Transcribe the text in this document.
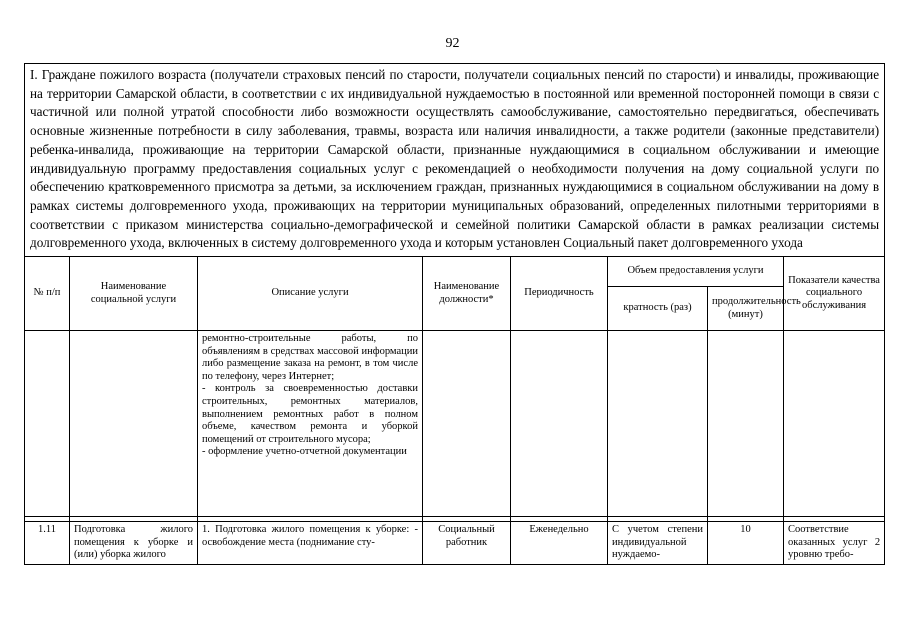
92
I. Граждане пожилого возраста (получатели страховых пенсий по старости, получатели социальных пенсий по старости) и инвалиды, проживающие на территории Самарской области, в соответствии с их индивидуальной нуждаемостью в постоянной или временной посторонней помощи в связи с частичной или полной утратой способности либо возможности осуществлять самообслуживание, самостоятельно передвигаться, обеспечивать основные жизненные потребности в силу заболевания, травмы, возраста или наличия инвалидности, а также родители (законные представители) ребенка-инвалида, проживающие на территории Самарской области, признанные нуждающимися в социальном обслуживании и имеющие индивидуальную программу предоставления социальных услуг с рекомендацией о необходимости получения на дому социальной услуги по обеспечению кратковременного присмотра за детьми, за исключением граждан, признанных нуждающимися в социальном обслуживании на дому в рамках системы долговременного ухода, проживающих на территории муниципальных образований, определенных пилотными территориями в соответствии с приказом министерства социально-демографической и семейной политики Самарской области в рамках реализации системы долговременного ухода, включенных в систему долговременного ухода и которым установлен Социальный пакет долговременного ухода							
№ п/п	Наименование социальной услуги	Описание услуги	Наименование должности*	Периодичность	Объем предоставления услуги		Показатели качества социального обслуживания
					кратность (раз)	продолжительность (минут)	

		ремонтно-строительные работы, по объявлениям в средствах массовой информации либо размещение заказа на ремонт, в том числе по телефону, через Интернет;

- контроль за своевременностью доставки строительных, ремонтных материалов, выполнением ремонтных работ в полном объеме, качеством ремонта и уборкой помещений от строительного мусора;

- оформление учетно-отчетной документации					

1.11	Подготовка жилого помещения к уборке и (или) уборка жилого	1. Подготовка жилого помещения к уборке: - освобождение места (поднимание сту-	Социальный работник	Еженедельно	С учетом степени индивидуальной нуждаемо-	10	Соответствие оказанных услуг 2 уровню требо-
